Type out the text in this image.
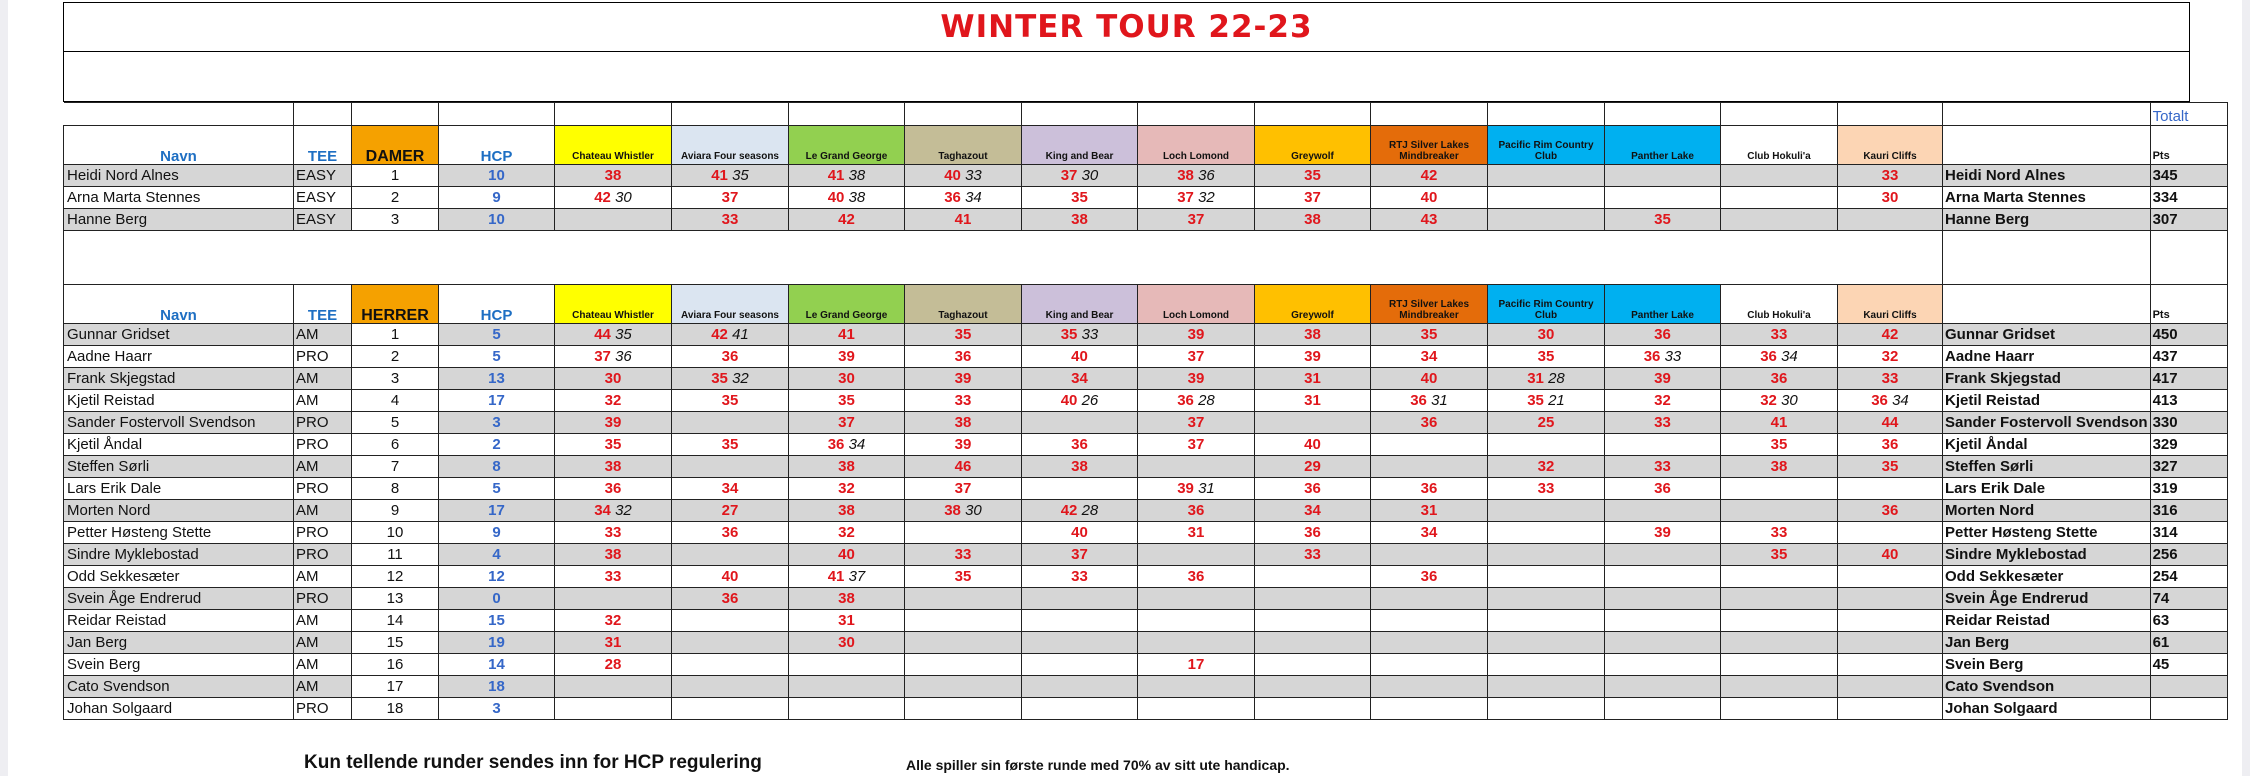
WINTER TOUR 22-23
																	Totalt
Navn	TEE	DAMER	HCP	Chateau Whistler	Aviara Four seasons	Le Grand George	Taghazout	King and Bear	Loch Lomond	Greywolf	RTJ Silver Lakes Mindbreaker	Pacific Rim Country Club	Panther Lake	Club Hokuli'a	Kauri Cliffs		Pts
Heidi Nord Alnes	EASY	1	10	38	41 35	41 38	40 33	37 30	38 36	35	42				33	Heidi Nord Alnes	345
Arna Marta Stennes	EASY	2	9	42 30	37	40 38	36 34	35	37 32	37	40				30	Arna Marta Stennes	334
Hanne Berg	EASY	3	10		33	42	41	38	37	38	43		35			Hanne Berg	307

Navn	TEE	HERRER	HCP	Chateau Whistler	Aviara Four seasons	Le Grand George	Taghazout	King and Bear	Loch Lomond	Greywolf	RTJ Silver Lakes Mindbreaker	Pacific Rim Country Club	Panther Lake	Club Hokuli'a	Kauri Cliffs		Pts
Gunnar Gridset	AM	1	5	44 35	42 41	41	35	35 33	39	38	35	30	36	33	42	Gunnar Gridset	450
Aadne Haarr	PRO	2	5	37 36	36	39	36	40	37	39	34	35	36 33	36 34	32	Aadne Haarr	437
Frank Skjegstad	AM	3	13	30	35 32	30	39	34	39	31	40	31 28	39	36	33	Frank Skjegstad	417
Kjetil Reistad	AM	4	17	32	35	35	33	40 26	36 28	31	36 31	35 21	32	32 30	36 34	Kjetil Reistad	413
Sander Fostervoll Svendson	PRO	5	3	39		37	38		37		36	25	33	41	44	Sander Fostervoll Svendson	330
Kjetil Åndal	PRO	6	2	35	35	36 34	39	36	37	40				35	36	Kjetil Åndal	329
Steffen Sørli	AM	7	8	38		38	46	38		29		32	33	38	35	Steffen Sørli	327
Lars Erik Dale	PRO	8	5	36	34	32	37		39 31	36	36	33	36			Lars Erik Dale	319
Morten Nord	AM	9	17	34 32	27	38	38 30	42 28	36	34	31				36	Morten Nord	316
Petter Høsteng Stette	PRO	10	9	33	36	32		40	31	36	34		39	33		Petter Høsteng Stette	314
Sindre Myklebostad	PRO	11	4	38		40	33	37		33				35	40	Sindre Myklebostad	256
Odd Sekkesæter	AM	12	12	33	40	41 37	35	33	36		36					Odd Sekkesæter	254
Svein Åge Endrerud	PRO	13	0		36	38										Svein Åge Endrerud	74
Reidar Reistad	AM	14	15	32		31										Reidar Reistad	63
Jan Berg	AM	15	19	31		30										Jan Berg	61
Svein Berg	AM	16	14	28					17							Svein Berg	45
Cato Svendson	AM	17	18													Cato Svendson	
Johan Solgaard	PRO	18	3													Johan Solgaard	
Kun tellende runder sendes inn for HCP regulering	Alle spiller sin første runde med 70% av sitt ute handicap.
